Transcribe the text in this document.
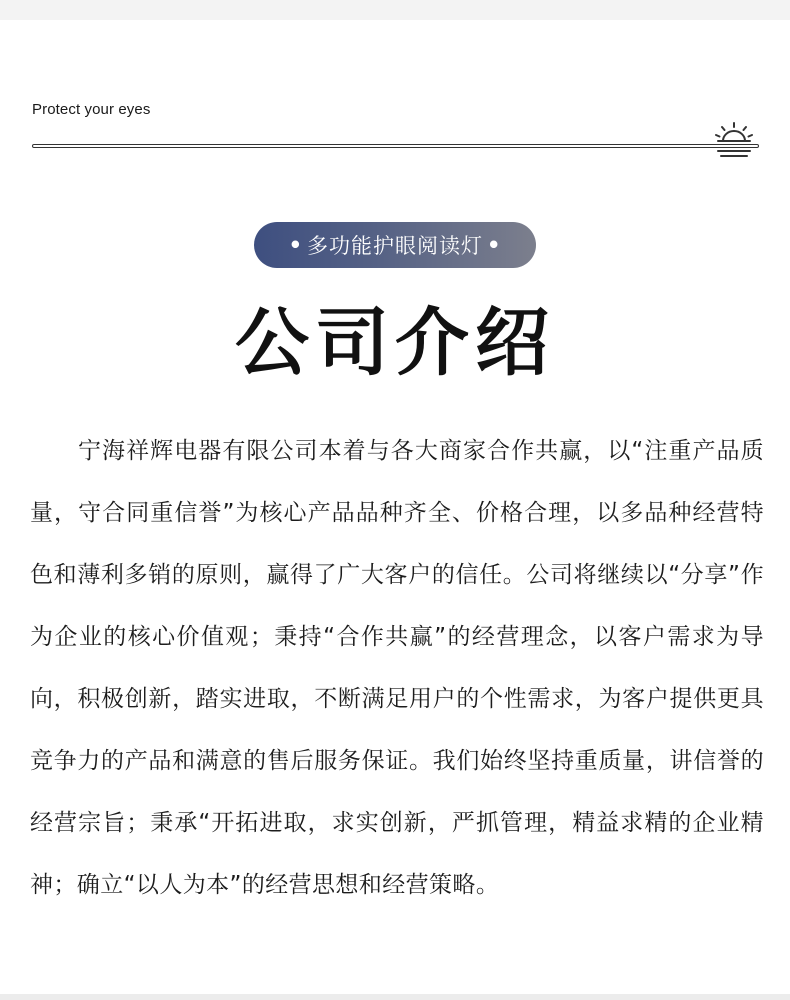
Protect your eyes
• 多功能护眼阅读灯 •
公司介绍

宁海祥辉电器有限公司本着与各大商家合作共赢，以“注重产品质量，守合同重信誉”为核心产品品种齐全、价格合理，以多品种经营特色和薄利多销的原则，赢得了广大客户的信任。公司将继续以“分享”作为企业的核心价值观；秉持“合作共赢”的经营理念，以客户需求为导向，积极创新，踏实进取，不断满足用户的个性需求，为客户提供更具竞争力的产品和满意的售后服务保证。我们始终坚持重质量，讲信誉的经营宗旨；秉承“开拓进取，求实创新，严抓管理，精益求精的企业精神；确立“以人为本”的经营思想和经营策略。
